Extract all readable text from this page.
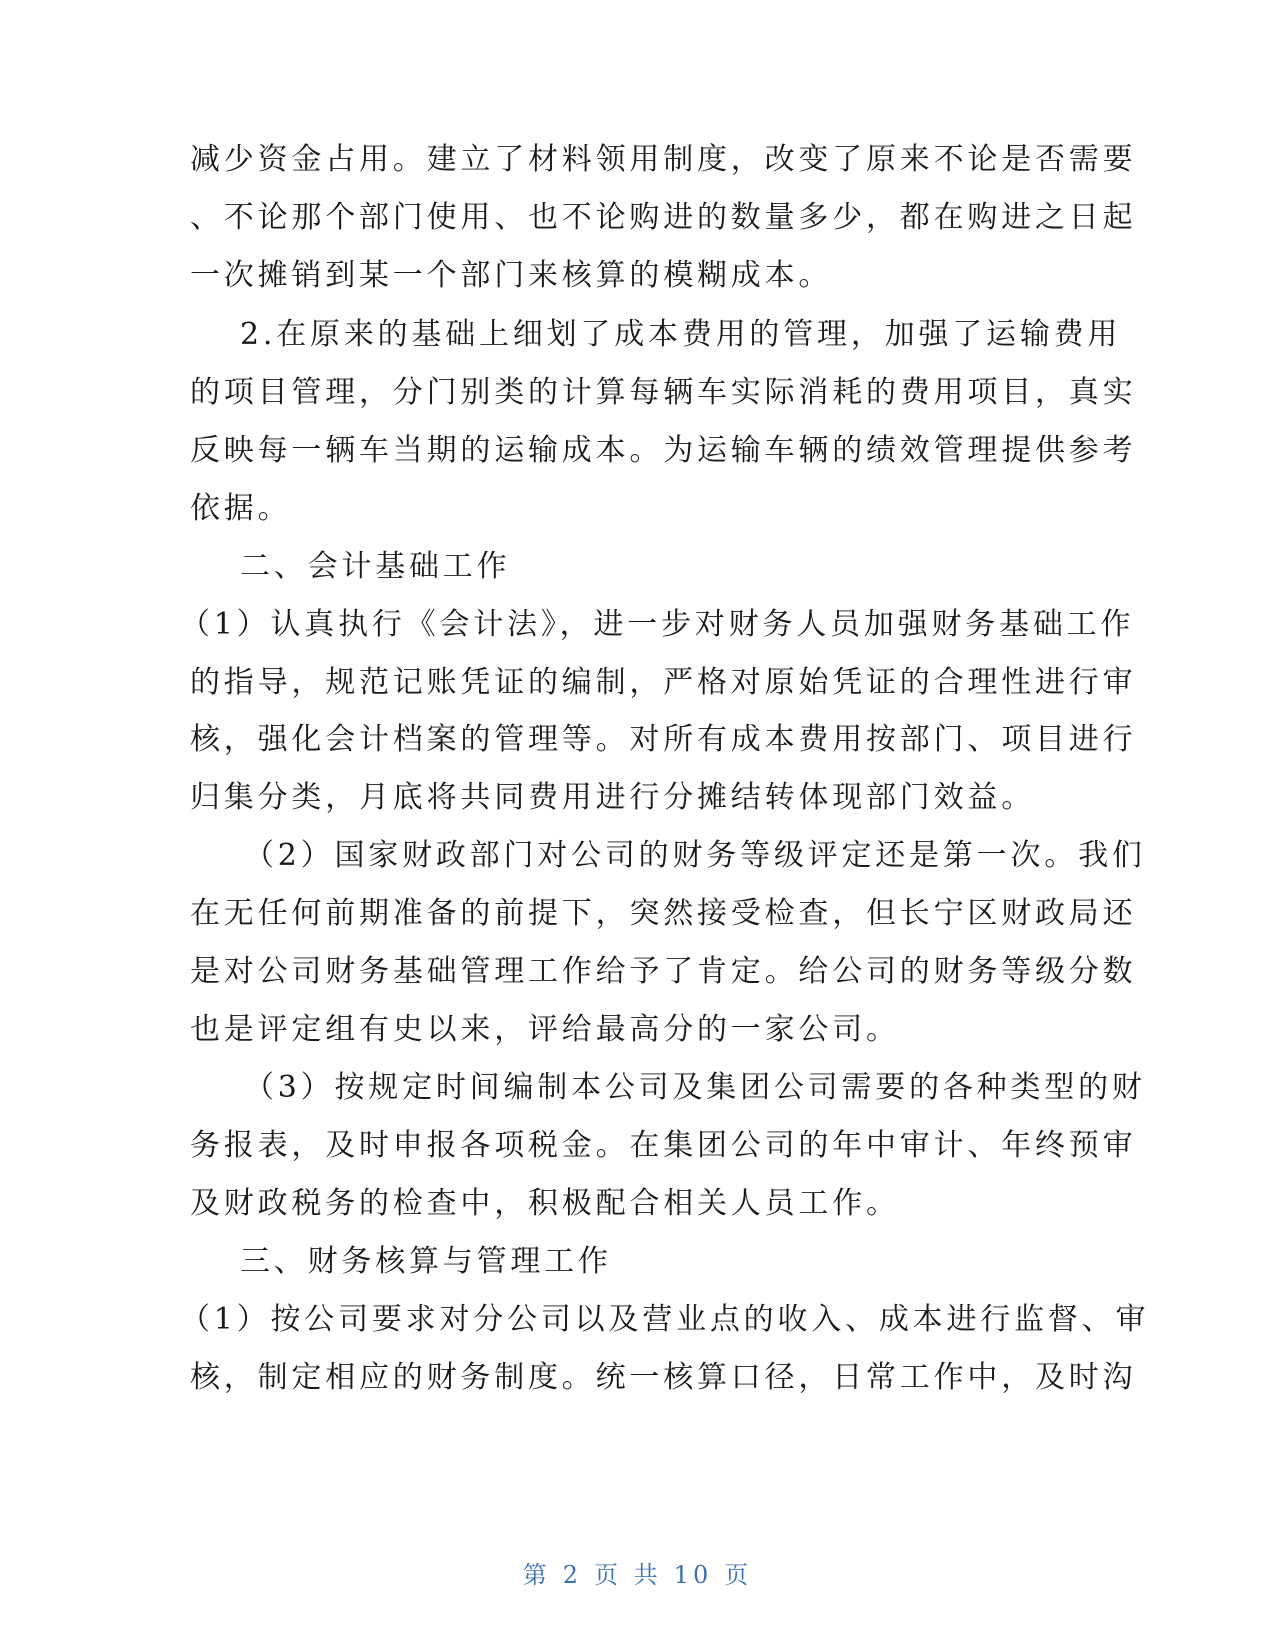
减少资金占用。建立了材料领用制度，改变了原来不论是否需要
、不论那个部门使用、也不论购进的数量多少，都在购进之日起
一次摊销到某一个部门来核算的模糊成本。
2.在原来的基础上细划了成本费用的管理，加强了运输费用
的项目管理，分门别类的计算每辆车实际消耗的费用项目，真实
反映每一辆车当期的运输成本。为运输车辆的绩效管理提供参考
依据。
二、会计基础工作
（1）认真执行《会计法》，进一步对财务人员加强财务基础工作
的指导，规范记账凭证的编制，严格对原始凭证的合理性进行审
核，强化会计档案的管理等。对所有成本费用按部门、项目进行
归集分类，月底将共同费用进行分摊结转体现部门效益。
（2）国家财政部门对公司的财务等级评定还是第一次。我们
在无任何前期准备的前提下，突然接受检查，但长宁区财政局还
是对公司财务基础管理工作给予了肯定。给公司的财务等级分数
也是评定组有史以来，评给最高分的一家公司。
（3）按规定时间编制本公司及集团公司需要的各种类型的财
务报表，及时申报各项税金。在集团公司的年中审计、年终预审
及财政税务的检查中，积极配合相关人员工作。
三、财务核算与管理工作
（1）按公司要求对分公司以及营业点的收入、成本进行监督、审
核，制定相应的财务制度。统一核算口径，日常工作中，及时沟
第 2 页 共 10 页
